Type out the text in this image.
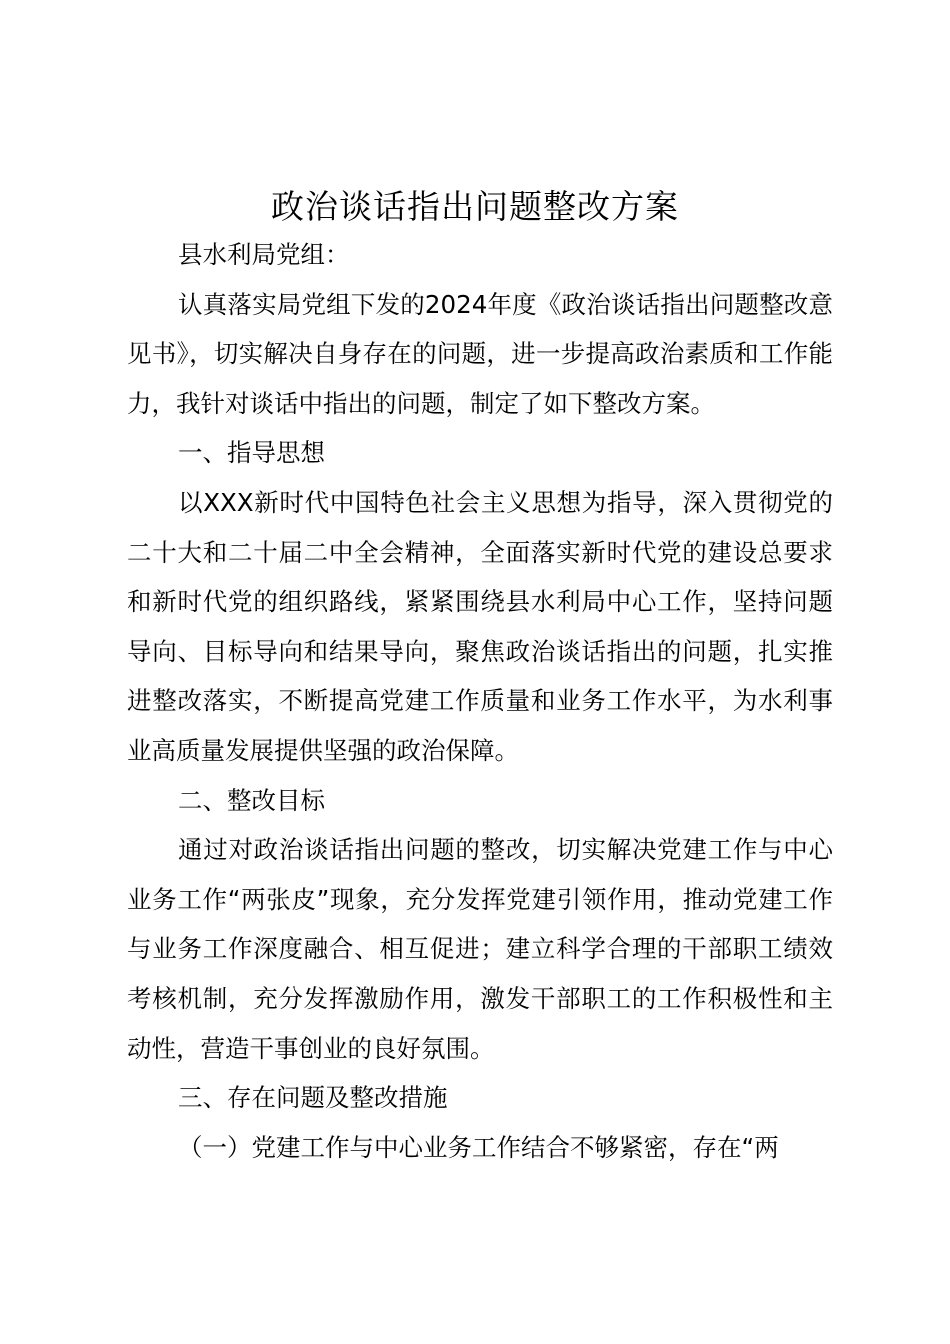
政治谈话指出问题整改方案

县水利局党组：

认真落实局党组下发的2024年度《政治谈话指出问题整改意见书》，切实解决自身存在的问题，进一步提高政治素质和工作能力，我针对谈话中指出的问题，制定了如下整改方案。

一、指导思想

以XXX新时代中国特色社会主义思想为指导，深入贯彻党的二十大和二十届二中全会精神，全面落实新时代党的建设总要求和新时代党的组织路线，紧紧围绕县水利局中心工作，坚持问题导向、目标导向和结果导向，聚焦政治谈话指出的问题，扎实推进整改落实，不断提高党建工作质量和业务工作水平，为水利事业高质量发展提供坚强的政治保障。

二、整改目标

通过对政治谈话指出问题的整改，切实解决党建工作与中心业务工作“两张皮”现象，充分发挥党建引领作用，推动党建工作与业务工作深度融合、相互促进；建立科学合理的干部职工绩效考核机制，充分发挥激励作用，激发干部职工的工作积极性和主动性，营造干事创业的良好氛围。

三、存在问题及整改措施

（一）党建工作与中心业务工作结合不够紧密，存在“两
